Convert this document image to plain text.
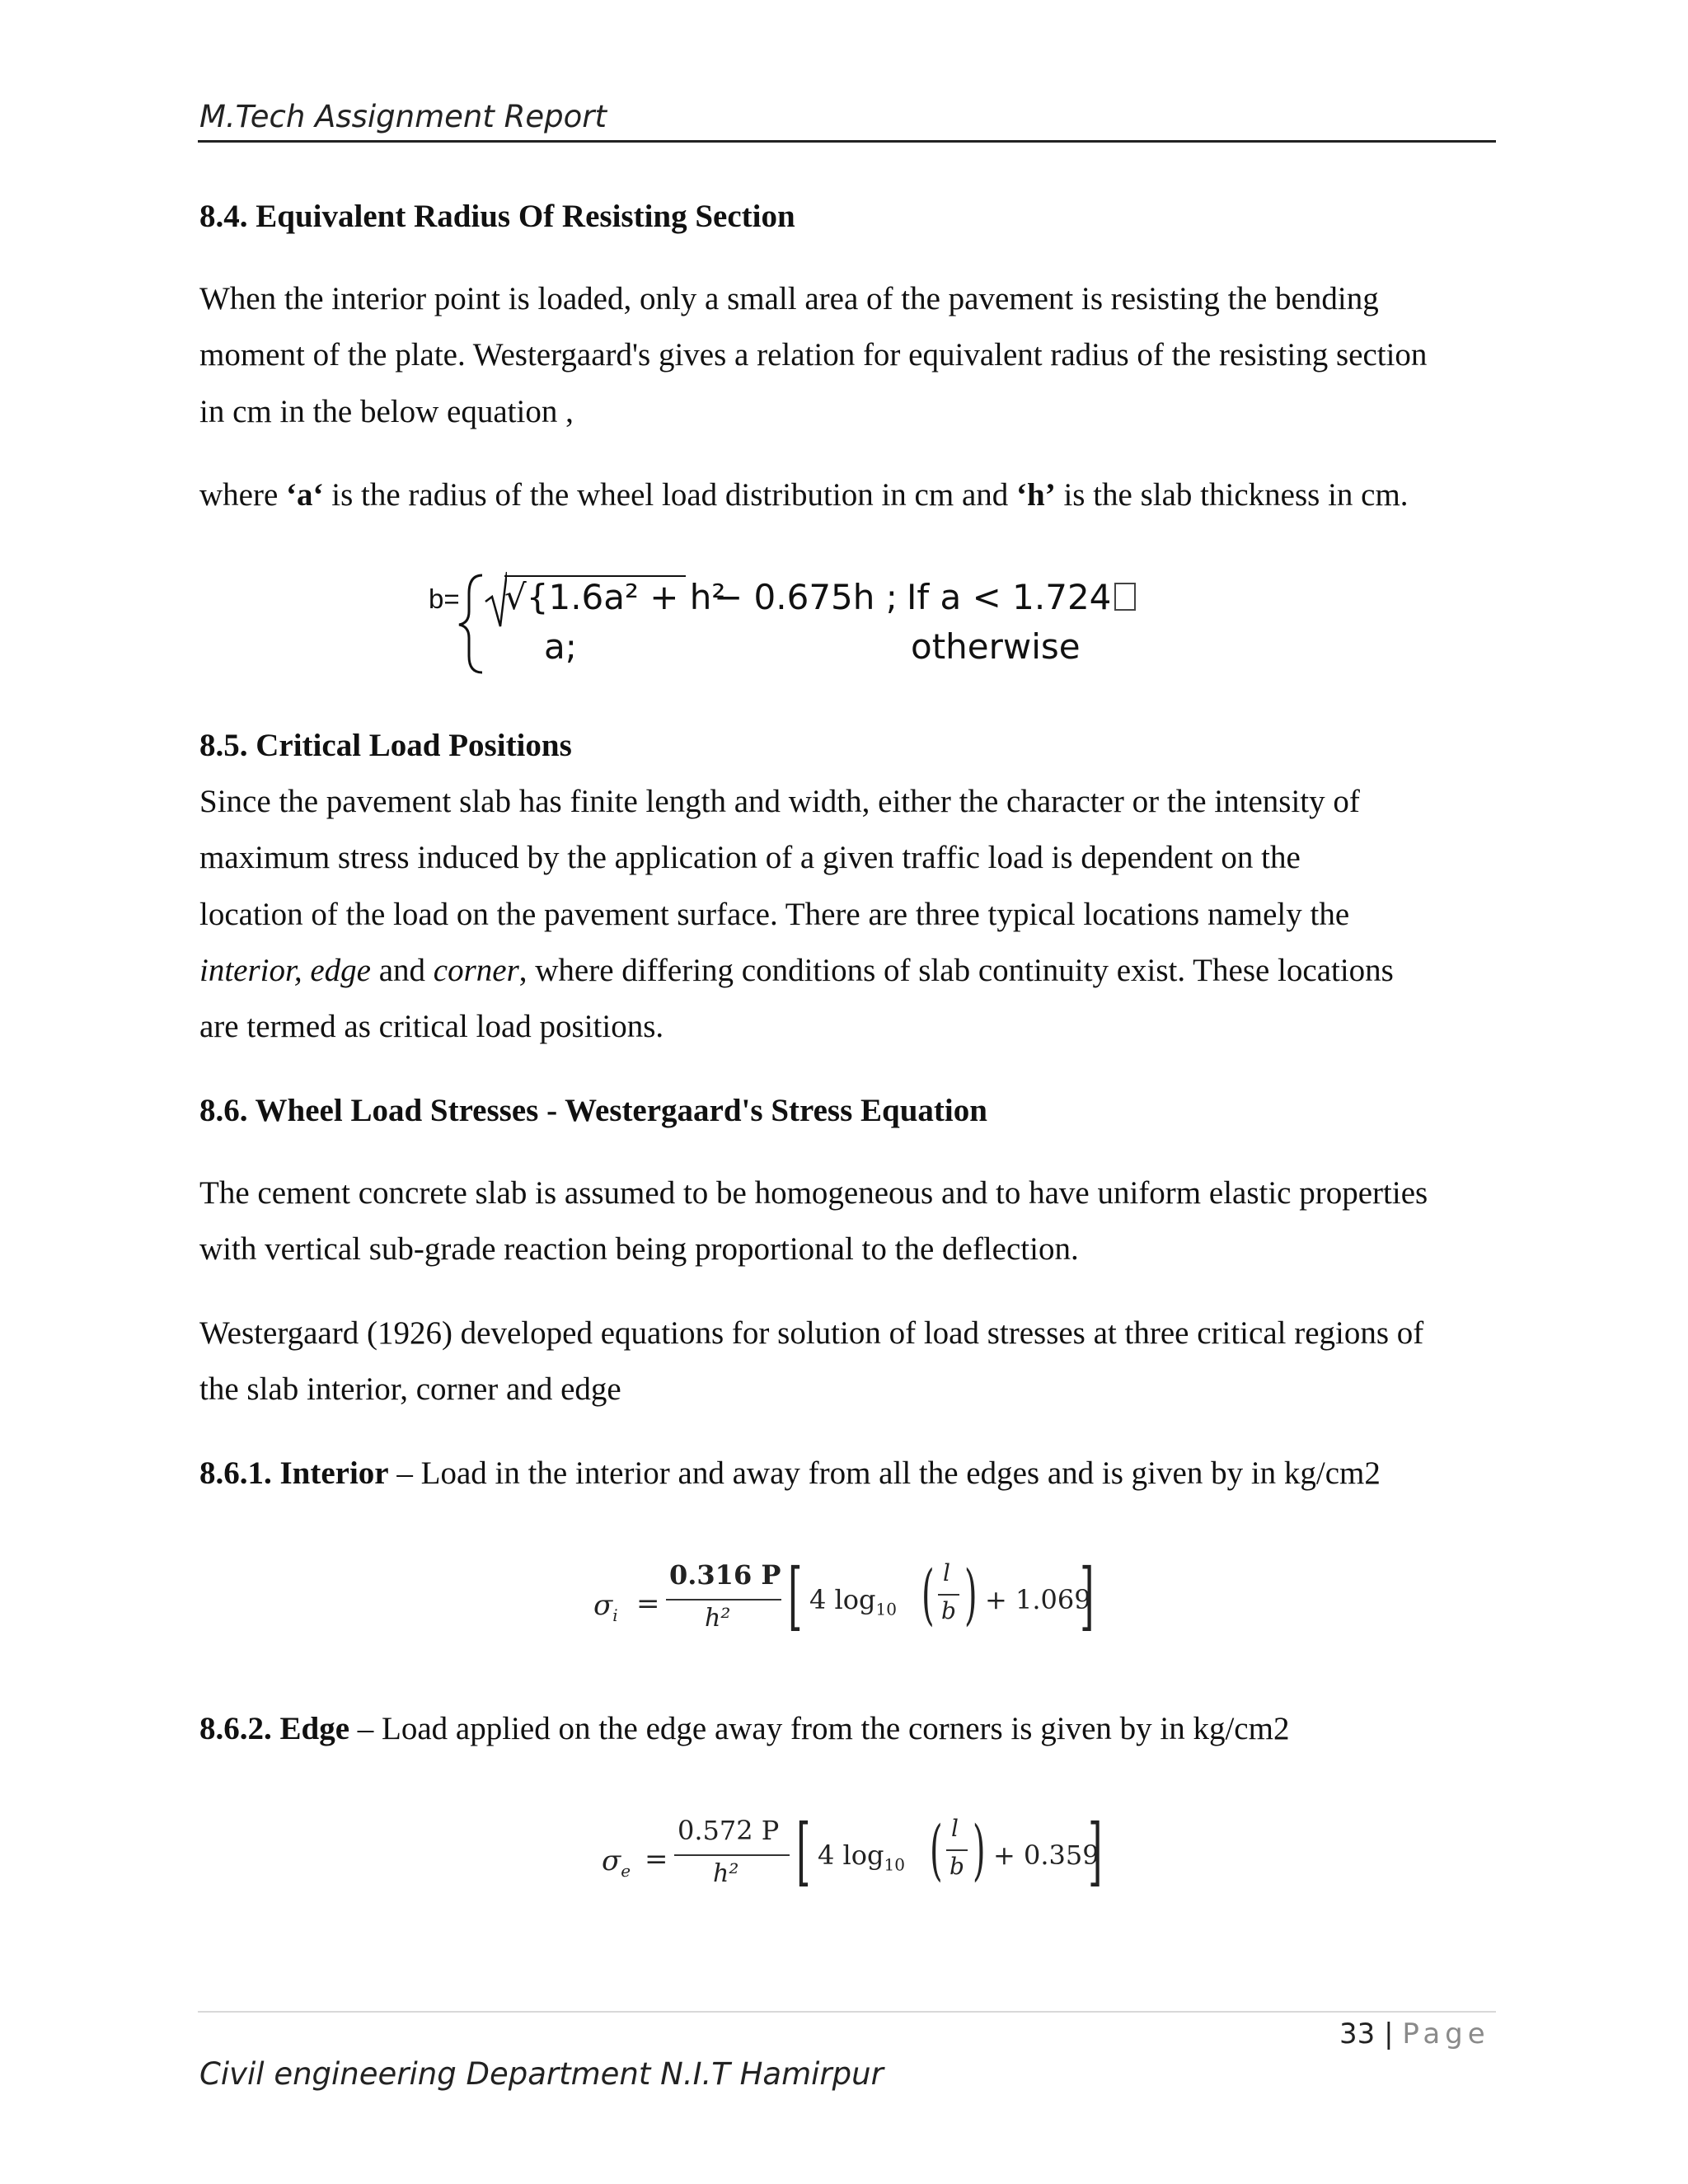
M.Tech Assignment Report
8.4. Equivalent Radius Of Resisting Section
When the interior point is loaded, only a small area of the pavement is resisting the bending
moment of the plate. Westergaard's gives a relation for equivalent radius of the resisting section
in cm in the below equation ,
where ‘a‘ is the radius of the wheel load distribution in cm and ‘h’ is the slab thickness in cm.
b= √{1.6a² + h²
− 0.675h ; If a < 1.724
a;	otherwise
8.5. Critical Load Positions
Since the pavement slab has finite length and width, either the character or the intensity of
maximum stress induced by the application of a given traffic load is dependent on the
location of the load on the pavement surface. There are three typical locations namely the
interior, edge and corner, where differing conditions of slab continuity exist. These locations
are termed as critical load positions.
8.6. Wheel Load Stresses - Westergaard's Stress Equation
The cement concrete slab is assumed to be homogeneous and to have uniform elastic properties
with vertical sub-grade reaction being proportional to the deflection.
Westergaard (1926) developed equations for solution of load stresses at three critical regions of
the slab interior, corner and edge
8.6.1. Interior – Load in the interior and away from all the edges and is given by in kg/cm2
$\sigma_i$ =
0.316 P
h² [ 4 $\log_{10}$ ( l
b ) + 1.069
]
8.6.2. Edge – Load applied on the edge away from the corners is given by in kg/cm2
$\sigma_e$ =
0.572 P
h² [ 4 $\log_{10}$ ( l
b ) + 0.359
]
33 | Page
Civil engineering Department N.I.T Hamirpur
